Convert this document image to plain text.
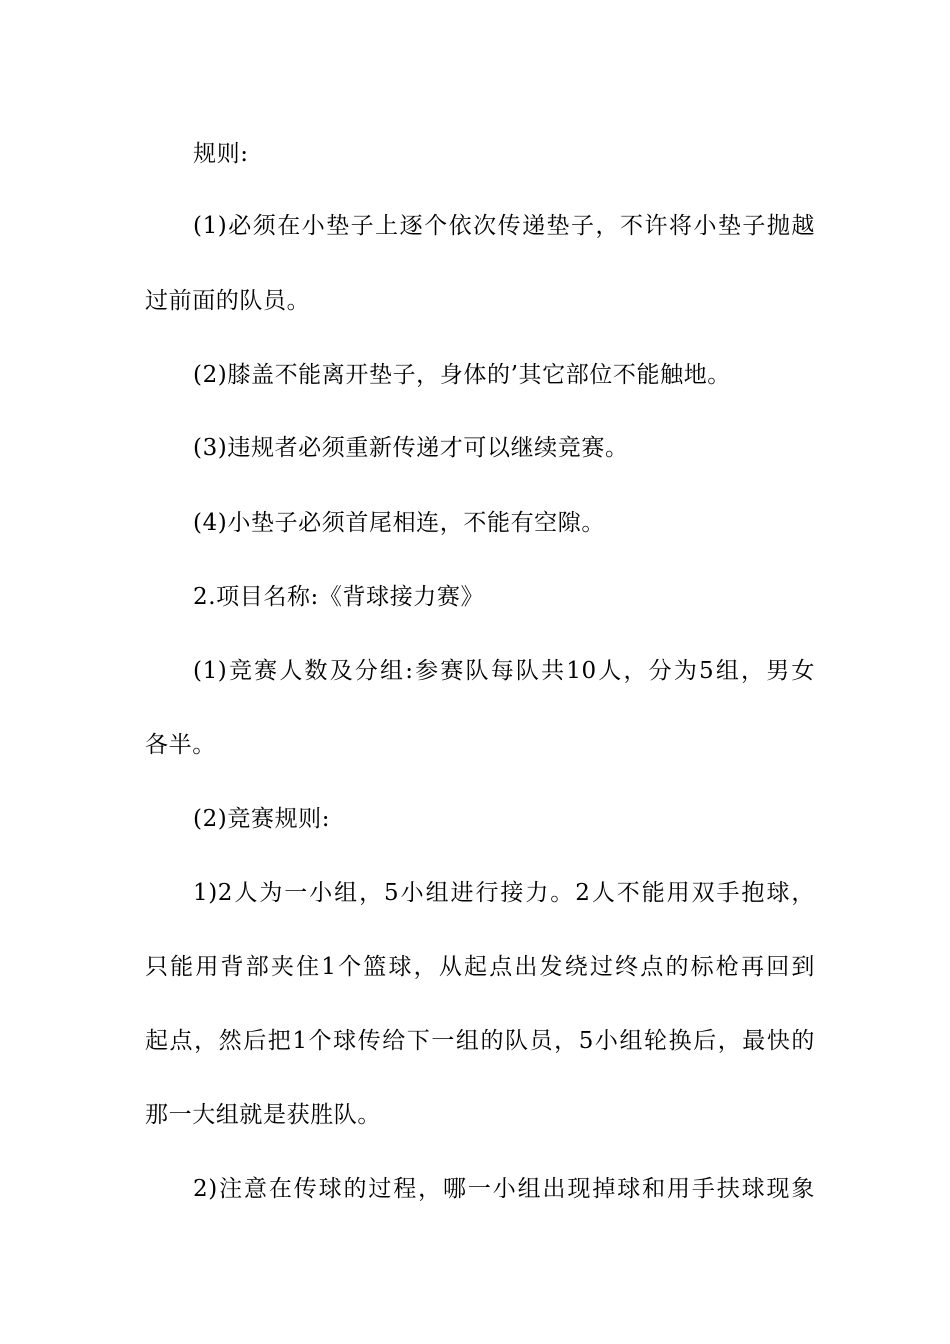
规则:
(1)必须在小垫子上逐个依次传递垫子，不许将小垫子抛越
过前面的队员。
(2)膝盖不能离开垫子，身体的’其它部位不能触地。
(3)违规者必须重新传递才可以继续竞赛。
(4)小垫子必须首尾相连，不能有空隙。
2.项目名称:《背球接力赛》
(1)竞赛人数及分组:参赛队每队共10人，分为5组，男女
各半。
(2)竞赛规则:
1)2人为一小组，5小组进行接力。2人不能用双手抱球，
只能用背部夹住1个篮球，从起点出发绕过终点的标枪再回到
起点，然后把1个球传给下一组的队员，5小组轮换后，最快的
那一大组就是获胜队。
2)注意在传球的过程，哪一小组出现掉球和用手扶球现象
